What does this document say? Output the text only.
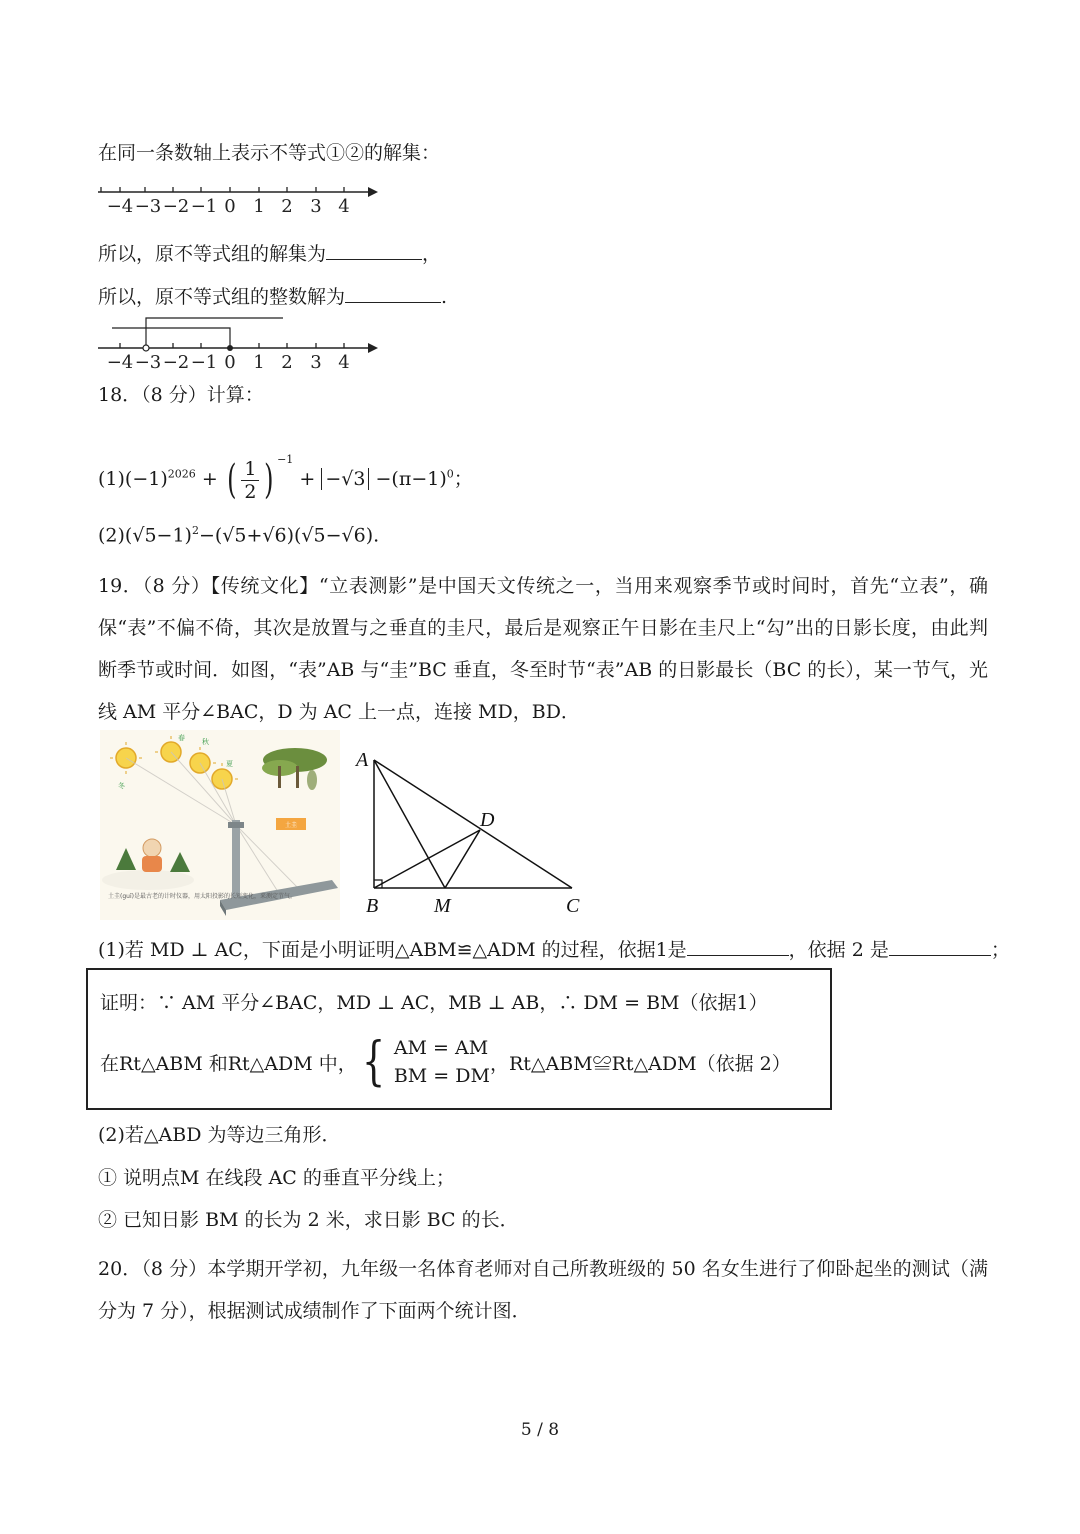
在同一条数轴上表示不等式①②的解集：
−4 −3 −2 −1 0 1 2 3 4
所以，原不等式组的解集为	，
所以，原不等式组的整数解为	.
−4 −3 −2 −1 0 1 2 3 4
18．（8 分）计算：
$(1)(-1)^{2026}$ + ( $\frac{1}{2}$ ) $^{-1} + -√3 -(\pi-1)^0$；
$(2)(√5-1)^2-(√5+√6)(√5-√6)$.
19．（8 分）【传统文化】“立表测影”是中国天文传统之一，当用来观察季节或时间时，首先“立表”，确保“表”不偏不倚，其次是放置与之垂直的圭尺，最后是观察正午日影在圭尺上“勾”出的日影长度，由此判断季节或时间．如图，“表”AB 与“圭”BC 垂直，冬至时节“表”AB 的日影最长（BC 的长），某一节气，光线 AM 平分∠BAC，D 为 AC 上一点，连接 MD，BD．
春 秋
夏
冬
土圭
土圭(guī)是最古老的计时仪器，用太阳投影的长短变化，来测定节气。
A
B	M	C
D
(1)若 MD ⊥ AC，下面是小明证明△ABM≌△ADM 的过程，依据1是	，依据 2 是	；
证明：∵ AM 平分∠BAC，MD ⊥ AC，MB ⊥ AB，∴ DM = BM（依据1）
在Rt△ABM 和Rt△ADM 中， { AM = AM
BM = DM
，Rt△ABM≌Rt△ADM（依据 2）
(2)若△ABD 为等边三角形．
① 说明点M 在线段 AC 的垂直平分线上；
② 已知日影 BM 的长为 2 米，求日影 BC 的长．
20．（8 分）本学期开学初，九年级一名体育老师对自己所教班级的 50 名女生进行了仰卧起坐的测试（满分为 7 分），根据测试成绩制作了下面两个统计图．
5 / 8
